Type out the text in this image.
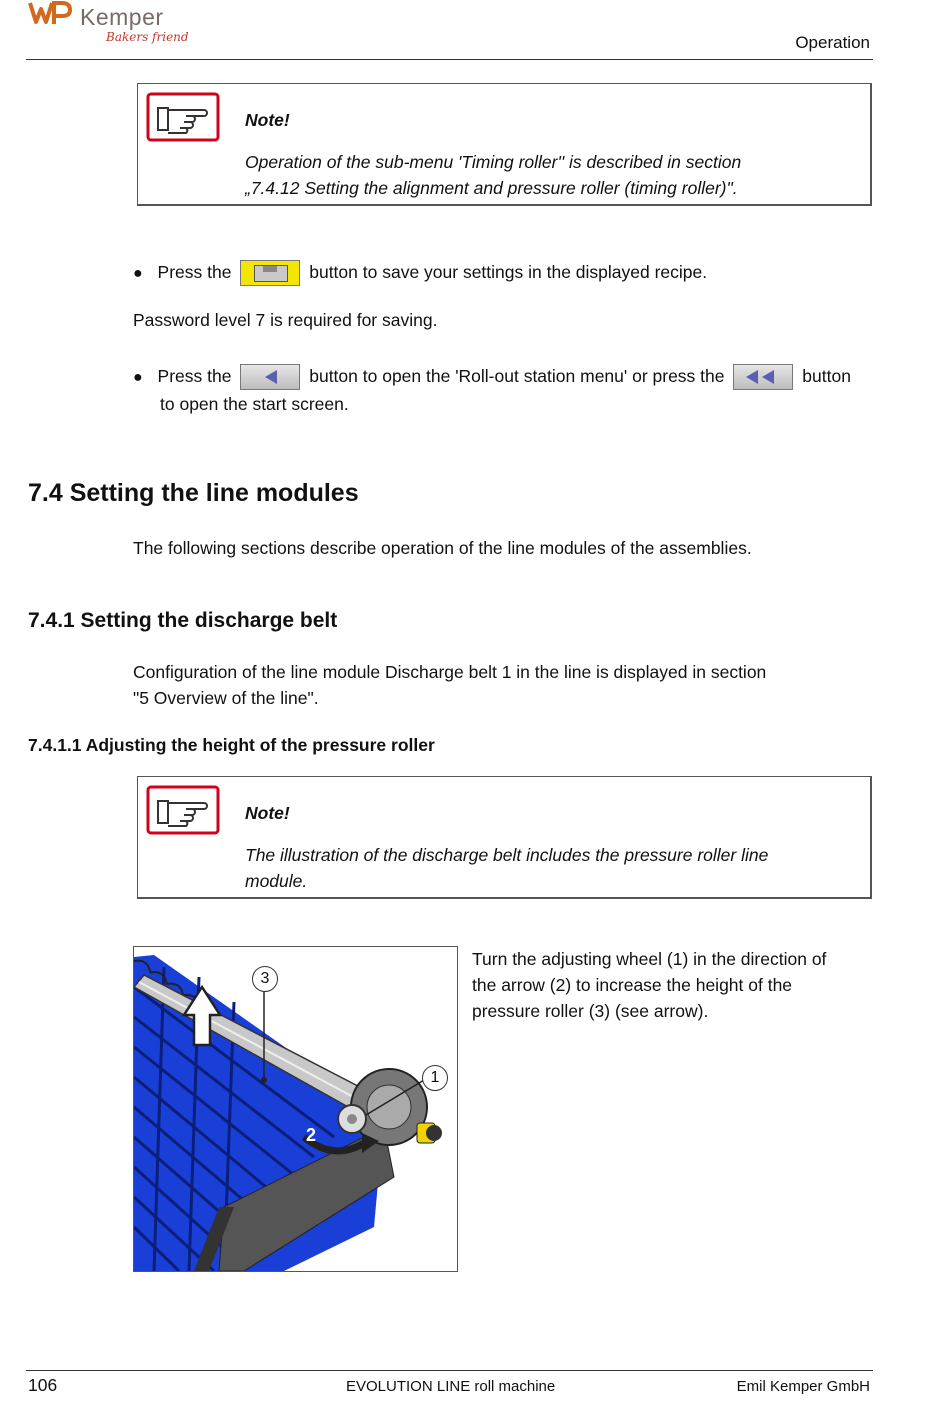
Kemper
Bakers friend	Operation
Note!
Operation of the sub-menu 'Timing roller'' is described in section
„7.4.12 Setting the alignment and pressure roller (timing roller)".
● Press the	button to save your settings in the displayed recipe.
Password level 7 is required for saving.
● Press the	button to open the 'Roll-out station menu' or press the	button
to open the start screen.
7.4 Setting the line modules
The following sections describe operation of the line modules of the assemblies.
7.4.1 Setting the discharge belt
Configuration of the line module Discharge belt 1 in the line is displayed in section
"5 Overview of the line".
7.4.1.1 Adjusting the height of the pressure roller
Note!
The illustration of the discharge belt includes the pressure roller line
module.
3
1
2
Turn the adjusting wheel (1) in the direction of
the arrow (2) to increase the height of the
pressure roller (3) (see arrow).
106	EVOLUTION LINE roll machine	Emil Kemper GmbH
